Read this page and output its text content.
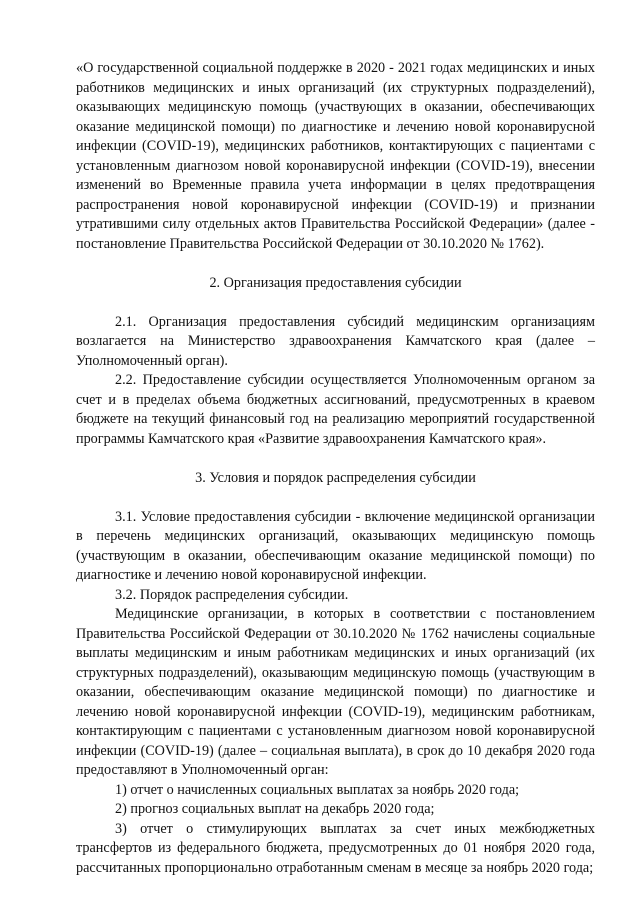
«О государственной социальной поддержке в 2020 - 2021 годах медицинских и иных работников медицинских и иных организаций (их структурных подразделений), оказывающих медицинскую помощь (участвующих в оказании, обеспечивающих оказание медицинской помощи) по диагностике и лечению новой коронавирусной инфекции (COVID-19), медицинских работников, контактирующих с пациентами с установленным диагнозом новой коронавирусной инфекции (COVID-19), внесении изменений во Временные правила учета информации в целях предотвращения распространения новой коронавирусной инфекции (COVID-19) и признании утратившими силу отдельных актов Правительства Российской Федерации» (далее - постановление Правительства Российской Федерации от 30.10.2020 № 1762).

2. Организация предоставления субсидии

2.1. Организация предоставления субсидий медицинским организациям возлагается на Министерство здравоохранения Камчатского края (далее – Уполномоченный орган).

2.2. Предоставление субсидии осуществляется Уполномоченным органом за счет и в пределах объема бюджетных ассигнований, предусмотренных в краевом бюджете на текущий финансовый год на реализацию мероприятий государственной программы Камчатского края «Развитие здравоохранения Камчатского края».

3. Условия и порядок распределения субсидии

3.1. Условие предоставления субсидии - включение медицинской организации в перечень медицинских организаций, оказывающих медицинскую помощь (участвующим в оказании, обеспечивающим оказание медицинской помощи) по диагностике и лечению новой коронавирусной инфекции.

3.2. Порядок распределения субсидии.

Медицинские организации, в которых в соответствии с постановлением Правительства Российской Федерации от 30.10.2020 № 1762 начислены социальные выплаты медицинским и иным работникам медицинских и иных организаций (их структурных подразделений), оказывающим медицинскую помощь (участвующим в оказании, обеспечивающим оказание медицинской помощи) по диагностике и лечению новой коронавирусной инфекции (COVID-19), медицинским работникам, контактирующим с пациентами с установленным диагнозом новой коронавирусной инфекции (COVID-19) (далее – социальная выплата), в срок до 10 декабря 2020 года предоставляют в Уполномоченный орган:

1) отчет о начисленных социальных выплатах за ноябрь 2020 года;

2) прогноз социальных выплат на декабрь 2020 года;

3) отчет о стимулирующих выплатах за счет иных межбюджетных трансфертов из федерального бюджета, предусмотренных до 01 ноября 2020 года, рассчитанных пропорционально отработанным сменам в месяце за ноябрь 2020 года;
